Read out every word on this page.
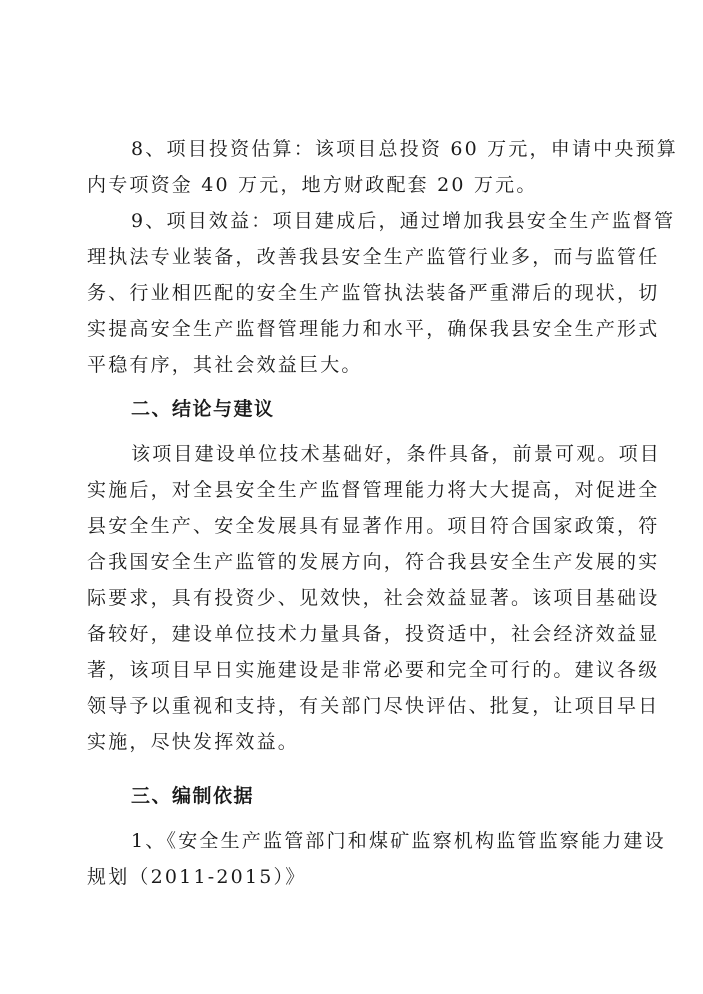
8、项目投资估算：该项目总投资 60 万元，申请中央预算
内专项资金 40 万元，地方财政配套 20 万元。
9、项目效益：项目建成后，通过增加我县安全生产监督管
理执法专业装备，改善我县安全生产监管行业多，而与监管任
务、行业相匹配的安全生产监管执法装备严重滞后的现状，切
实提高安全生产监督管理能力和水平，确保我县安全生产形式
平稳有序，其社会效益巨大。
二、结论与建议
该项目建设单位技术基础好，条件具备，前景可观。项目
实施后，对全县安全生产监督管理能力将大大提高，对促进全
县安全生产、安全发展具有显著作用。项目符合国家政策，符
合我国安全生产监管的发展方向，符合我县安全生产发展的实
际要求，具有投资少、见效快，社会效益显著。该项目基础设
备较好，建设单位技术力量具备，投资适中，社会经济效益显
著，该项目早日实施建设是非常必要和完全可行的。建议各级
领导予以重视和支持，有关部门尽快评估、批复，让项目早日
实施，尽快发挥效益。
三、编制依据
1、《安全生产监管部门和煤矿监察机构监管监察能力建设
规划（2011-2015）》
